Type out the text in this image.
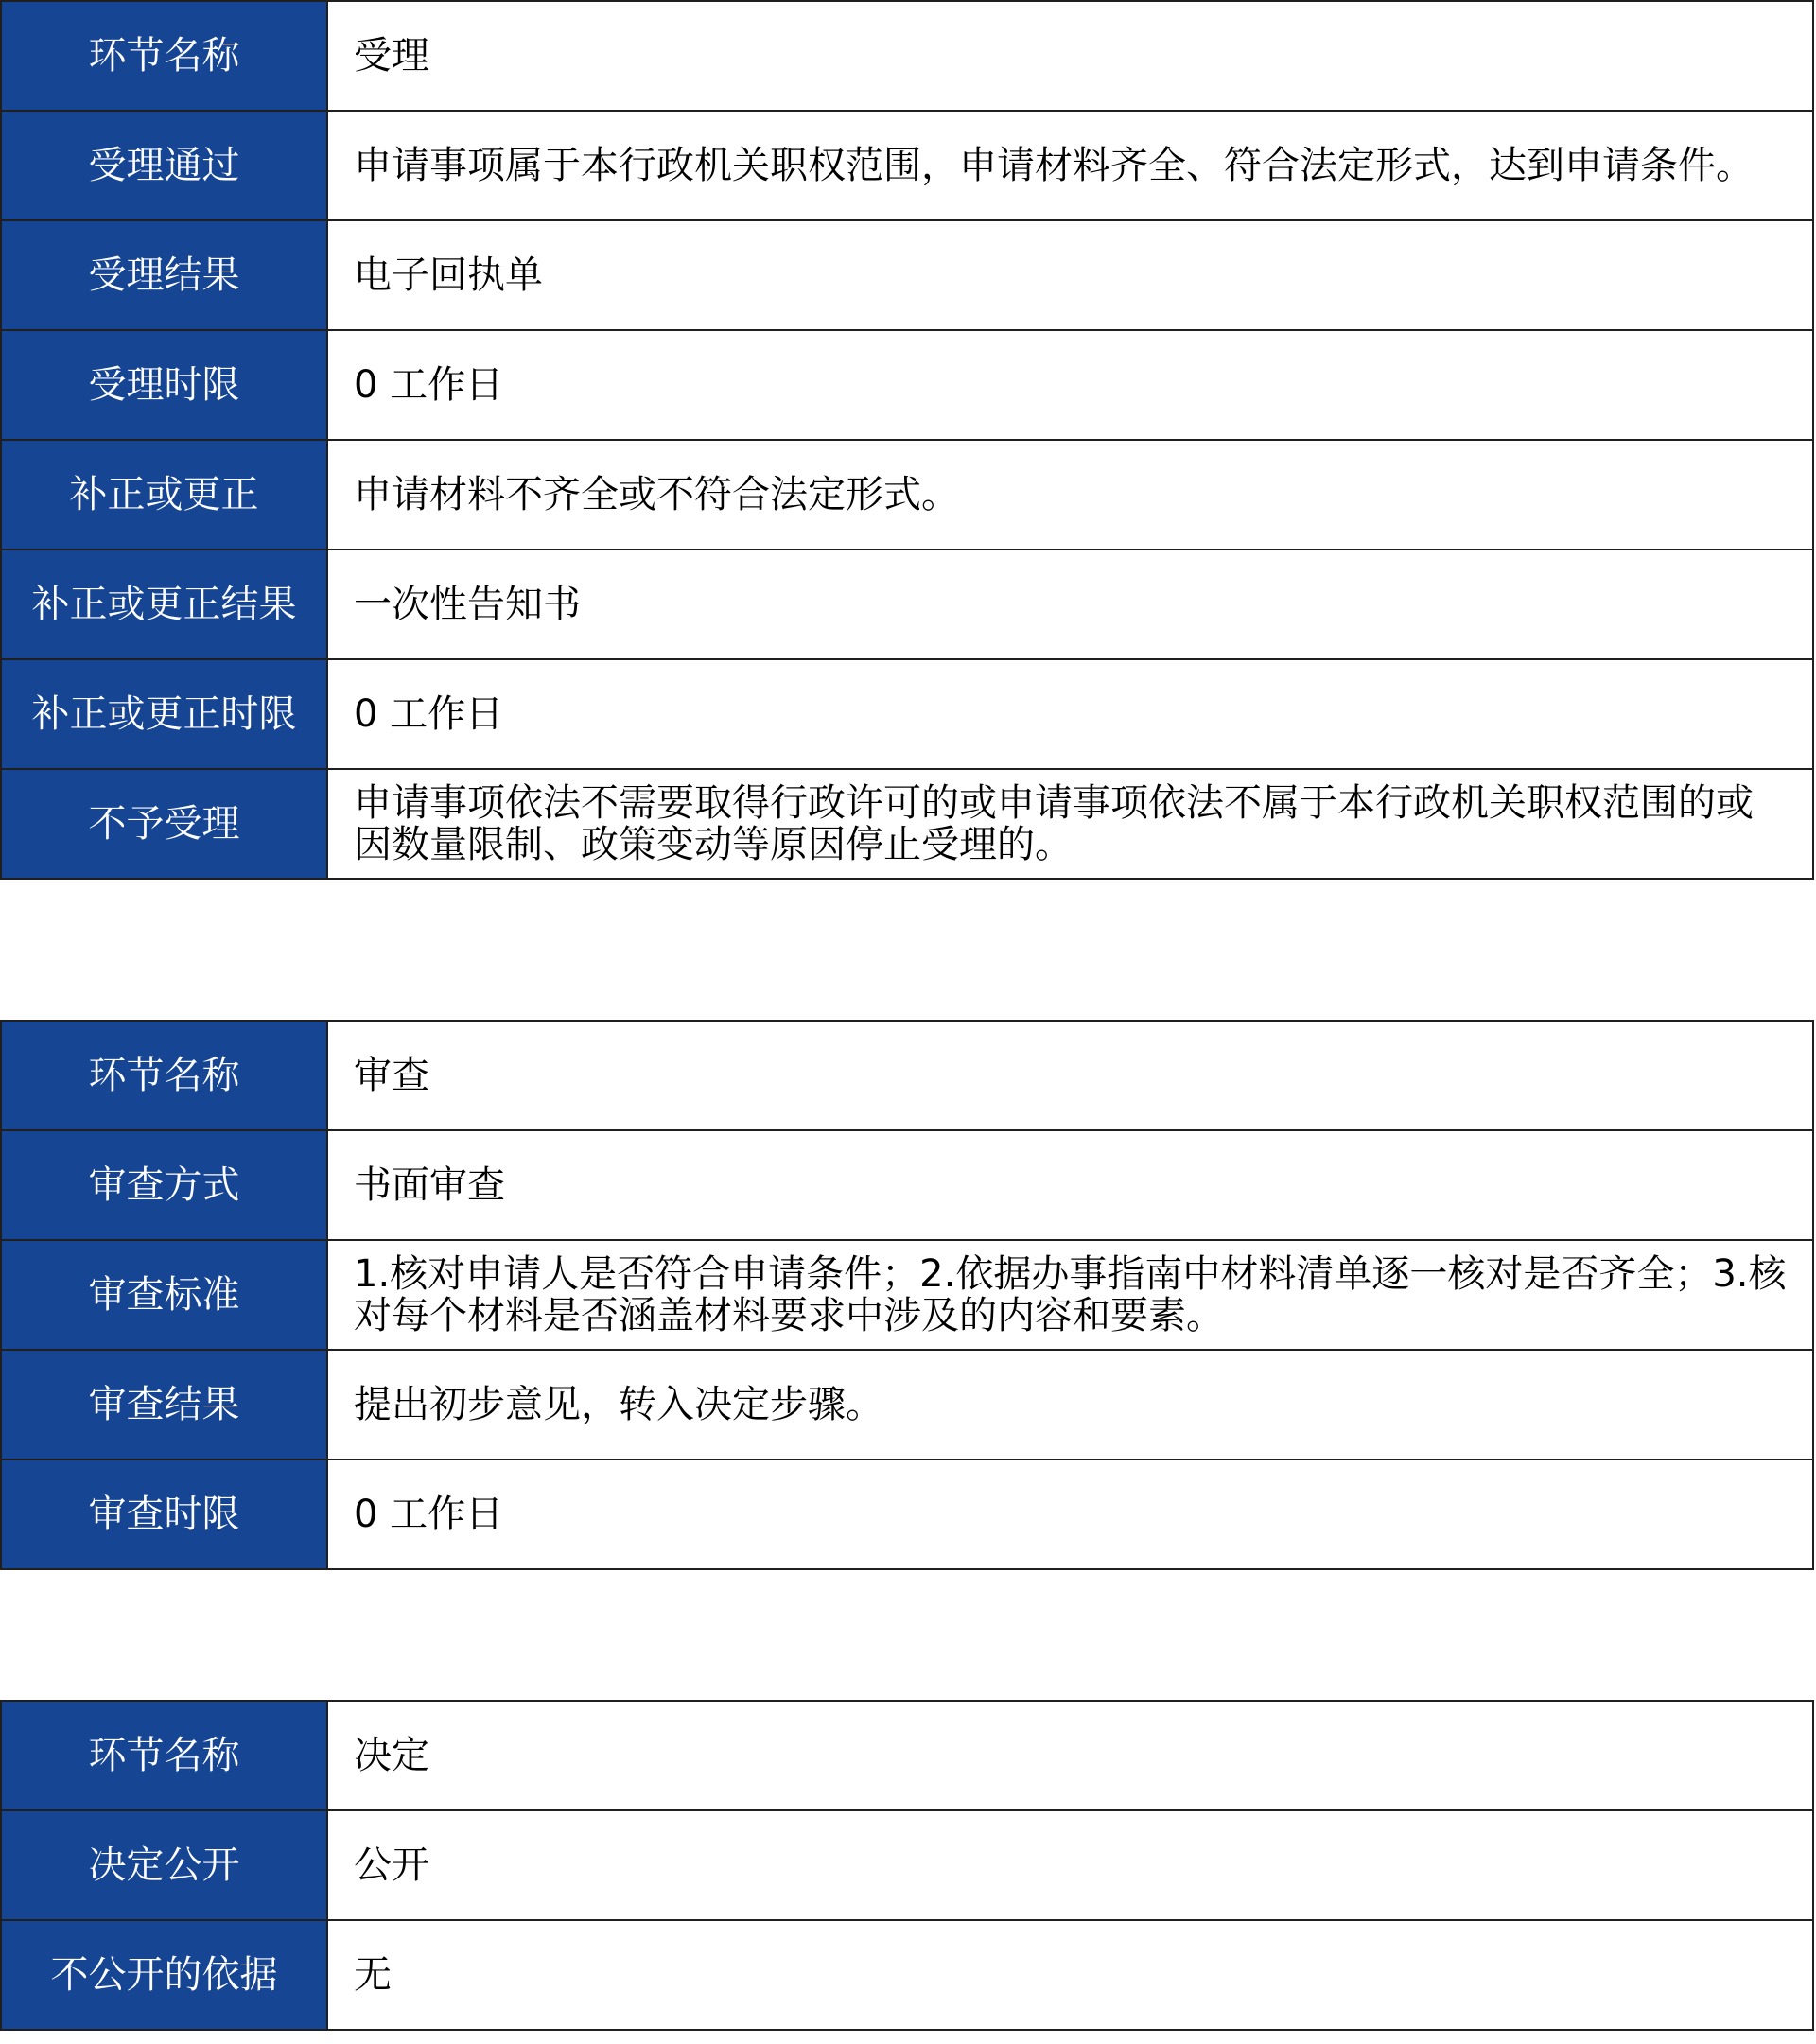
环节名称	受理
受理通过	申请事项属于本行政机关职权范围，申请材料齐全、符合法定形式，达到申请条件。
受理结果	电子回执单
受理时限	0 工作日
补正或更正	申请材料不齐全或不符合法定形式。
补正或更正结果	一次性告知书
补正或更正时限	0 工作日
不予受理	申请事项依法不需要取得行政许可的或申请事项依法不属于本行政机关职权范围的或因数量限制、政策变动等原因停止受理的。
环节名称	审查
审查方式	书面审查
审查标准	1.核对申请人是否符合申请条件；2.依据办事指南中材料清单逐一核对是否齐全；3.核对每个材料是否涵盖材料要求中涉及的内容和要素。
审查结果	提出初步意见，转入决定步骤。
审查时限	0 工作日
环节名称	决定
决定公开	公开
不公开的依据	无
